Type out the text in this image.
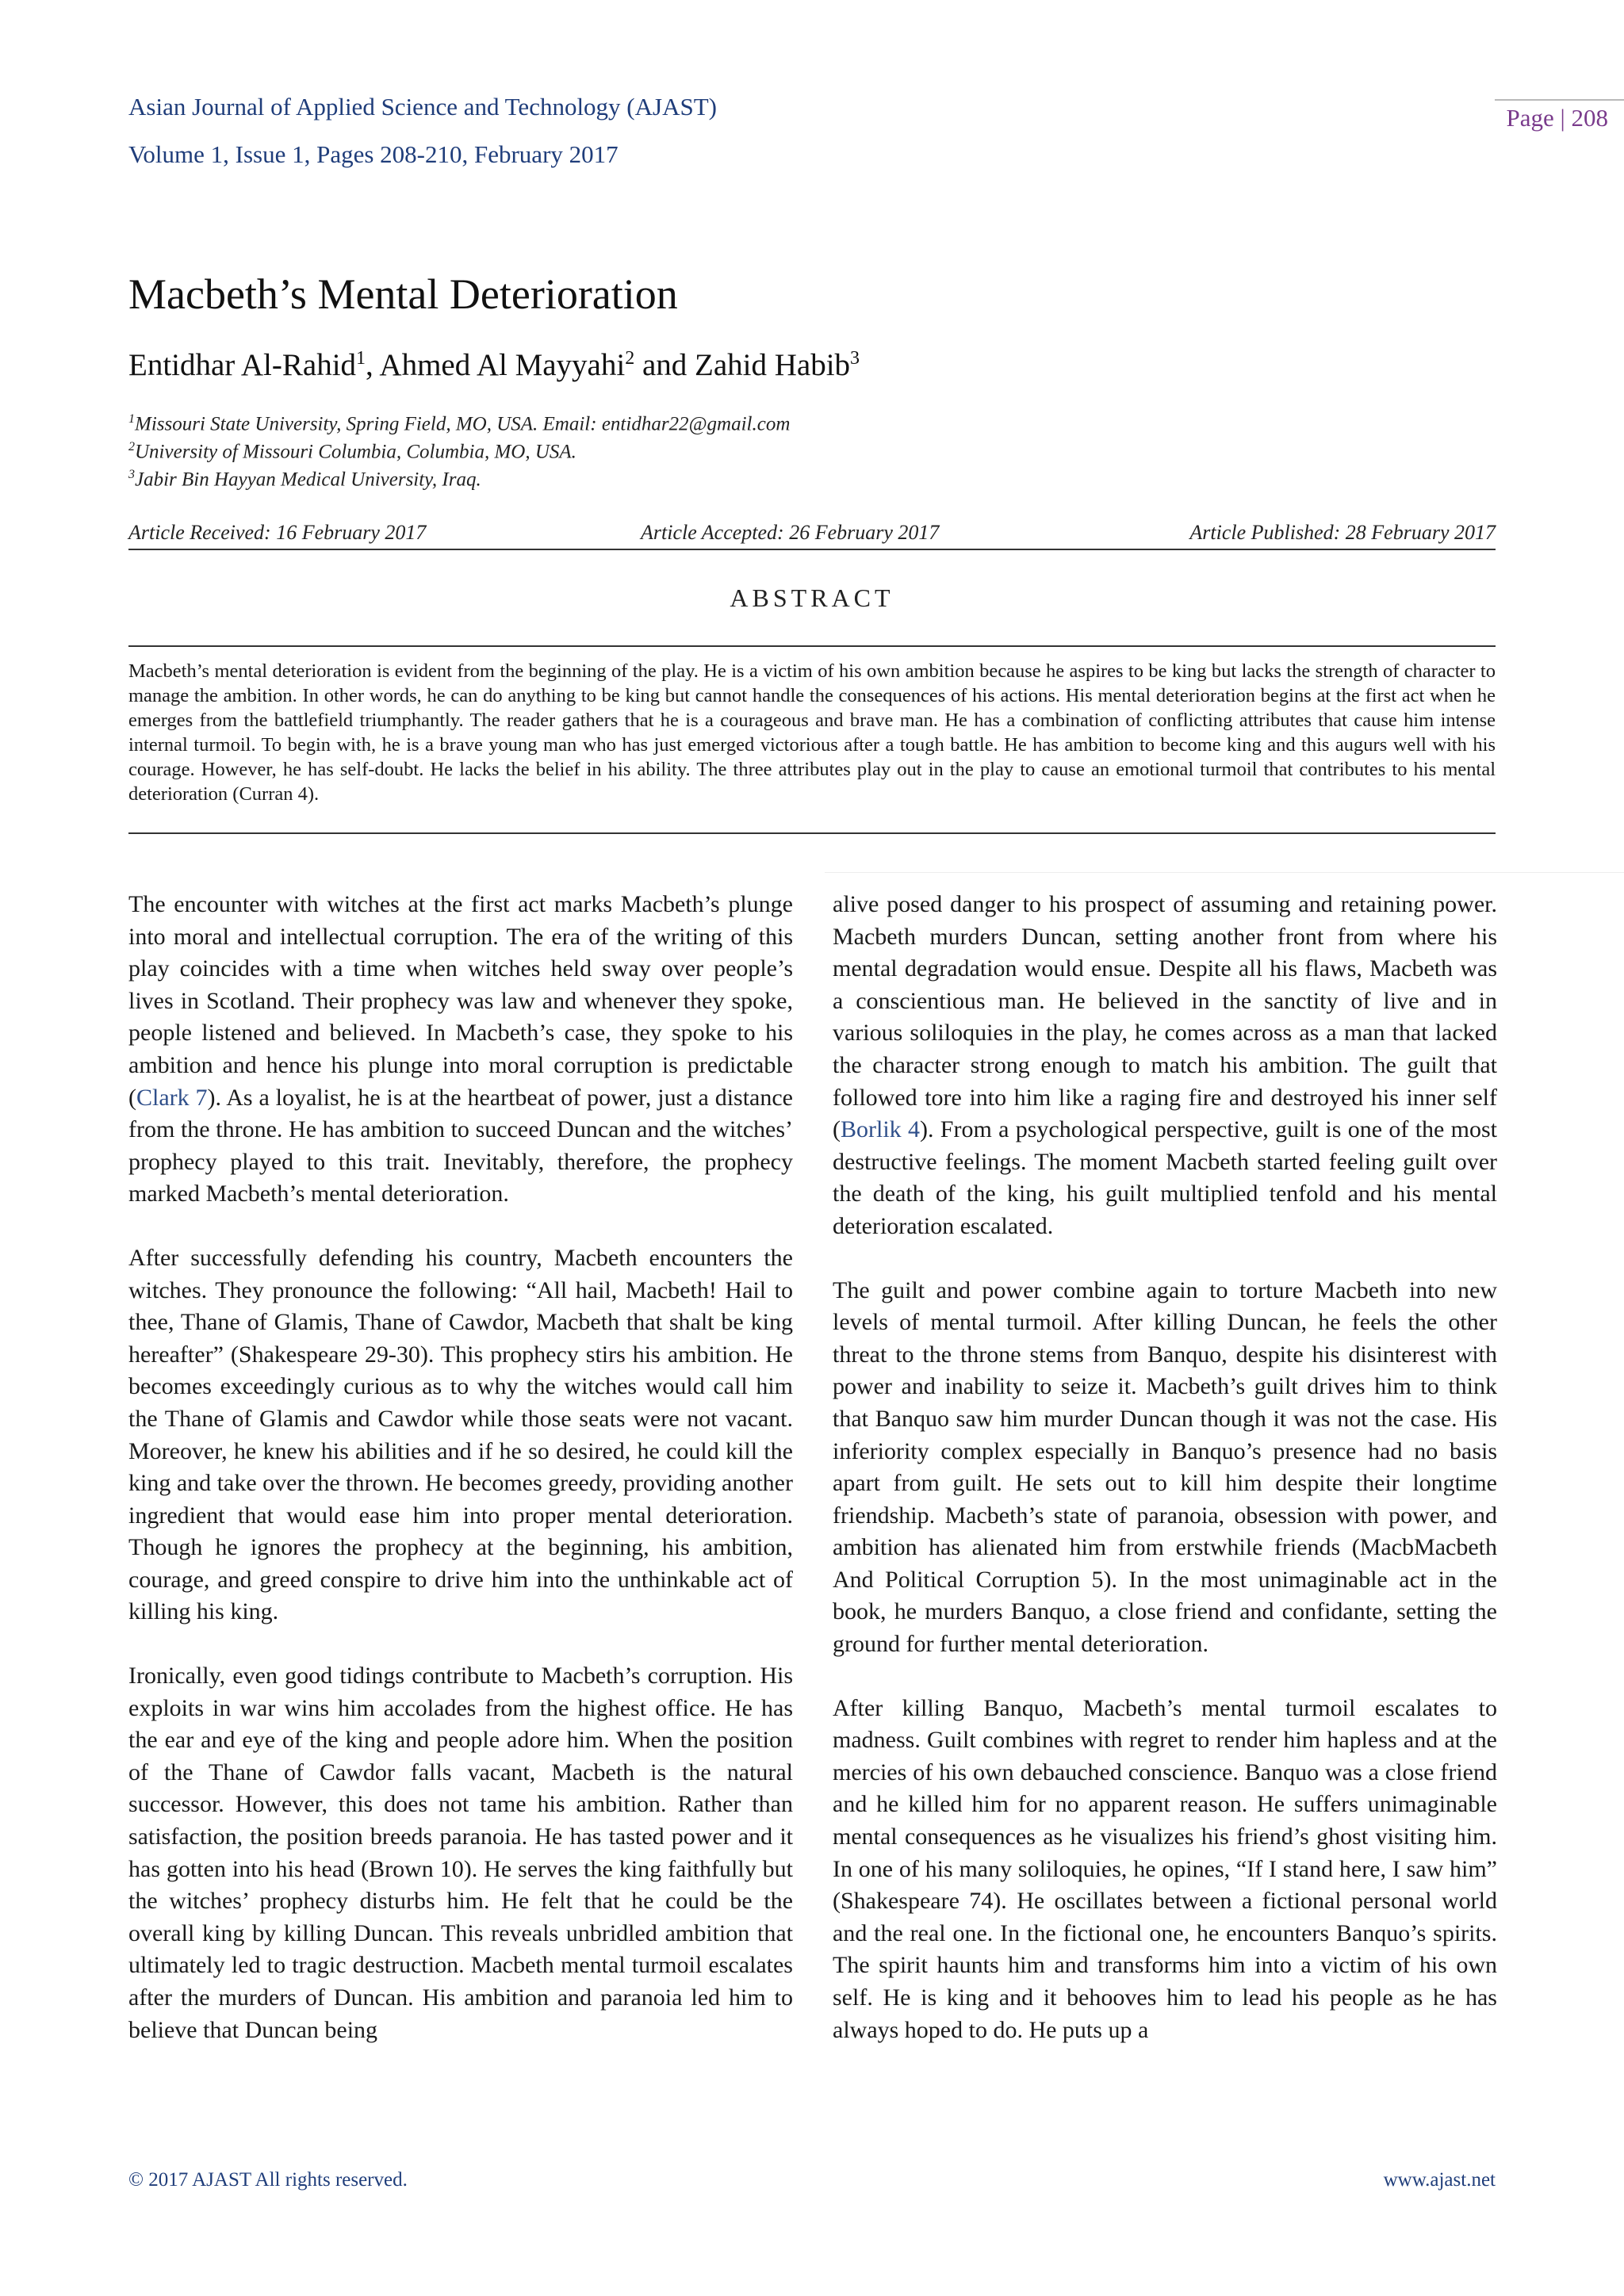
Asian Journal of Applied Science and Technology (AJAST)
Volume 1, Issue 1, Pages 208-210, February 2017
Page | 208
Macbeth’s Mental Deterioration
Entidhar Al-Rahid$^1$, Ahmed Al Mayyahi$^2$ and Zahid Habib$^3$
$^1$Missouri State University, Spring Field, MO, USA. Email: entidhar22@gmail.com
$^2$University of Missouri Columbia, Columbia, MO, USA.
$^3$Jabir Bin Hayyan Medical University, Iraq.
Article Received: 16 February 2017	Article Accepted: 26 February 2017	Article Published: 28 February 2017
ABSTRACT
Macbeth’s mental deterioration is evident from the beginning of the play. He is a victim of his own ambition because he aspires to be king but lacks the strength of character to manage the ambition. In other words, he can do anything to be king but cannot handle the consequences of his actions. His mental deterioration begins at the first act when he emerges from the battlefield triumphantly. The reader gathers that he is a courageous and brave man. He has a combination of conflicting attributes that cause him intense internal turmoil. To begin with, he is a brave young man who has just emerged victorious after a tough battle. He has ambition to become king and this augurs well with his courage. However, he has self-doubt. He lacks the belief in his ability. The three attributes play out in the play to cause an emotional turmoil that contributes to his mental deterioration (Curran 4).

The encounter with witches at the first act marks Macbeth’s plunge into moral and intellectual corruption. The era of the writing of this play coincides with a time when witches held sway over people’s lives in Scotland. Their prophecy was law and whenever they spoke, people listened and believed. In Macbeth’s case, they spoke to his ambition and hence his plunge into moral corruption is predictable (Clark 7). As a loyalist, he is at the heartbeat of power, just a distance from the throne. He has ambition to succeed Duncan and the witches’ prophecy played to this trait. Inevitably, therefore, the prophecy marked Macbeth’s mental deterioration.

After successfully defending his country, Macbeth encounters the witches. They pronounce the following: “All hail, Macbeth! Hail to thee, Thane of Glamis, Thane of Cawdor, Macbeth that shalt be king hereafter” (Shakespeare 29-30). This prophecy stirs his ambition. He becomes exceedingly curious as to why the witches would call him the Thane of Glamis and Cawdor while those seats were not vacant. Moreover, he knew his abilities and if he so desired, he could kill the king and take over the thrown. He becomes greedy, providing another ingredient that would ease him into proper mental deterioration. Though he ignores the prophecy at the beginning, his ambition, courage, and greed conspire to drive him into the unthinkable act of killing his king.

Ironically, even good tidings contribute to Macbeth’s corruption. His exploits in war wins him accolades from the highest office. He has the ear and eye of the king and people adore him. When the position of the Thane of Cawdor falls vacant, Macbeth is the natural successor. However, this does not tame his ambition. Rather than satisfaction, the position breeds paranoia. He has tasted power and it has gotten into his head (Brown 10). He serves the king faithfully but the witches’ prophecy disturbs him. He felt that he could be the overall king by killing Duncan. This reveals unbridled ambition that ultimately led to tragic destruction. Macbeth mental turmoil escalates after the murders of Duncan. His ambition and paranoia led him to believe that Duncan being

alive posed danger to his prospect of assuming and retaining power. Macbeth murders Duncan, setting another front from where his mental degradation would ensue. Despite all his flaws, Macbeth was a conscientious man. He believed in the sanctity of live and in various soliloquies in the play, he comes across as a man that lacked the character strong enough to match his ambition. The guilt that followed tore into him like a raging fire and destroyed his inner self (Borlik 4). From a psychological perspective, guilt is one of the most destructive feelings. The moment Macbeth started feeling guilt over the death of the king, his guilt multiplied tenfold and his mental deterioration escalated.

The guilt and power combine again to torture Macbeth into new levels of mental turmoil. After killing Duncan, he feels the other threat to the throne stems from Banquo, despite his disinterest with power and inability to seize it. Macbeth’s guilt drives him to think that Banquo saw him murder Duncan though it was not the case. His inferiority complex especially in Banquo’s presence had no basis apart from guilt. He sets out to kill him despite their longtime friendship. Macbeth’s state of paranoia, obsession with power, and ambition has alienated him from erstwhile friends (MacbMacbeth And Political Corruption 5). In the most unimaginable act in the book, he murders Banquo, a close friend and confidante, setting the ground for further mental deterioration.

After killing Banquo, Macbeth’s mental turmoil escalates to madness. Guilt combines with regret to render him hapless and at the mercies of his own debauched conscience. Banquo was a close friend and he killed him for no apparent reason. He suffers unimaginable mental consequences as he visualizes his friend’s ghost visiting him. In one of his many soliloquies, he opines, “If I stand here, I saw him” (Shakespeare 74). He oscillates between a fictional personal world and the real one. In the fictional one, he encounters Banquo’s spirits. The spirit haunts him and transforms him into a victim of his own self. He is king and it behooves him to lead his people as he has always hoped to do. He puts up a

© 2017 AJAST All rights reserved.	www.ajast.net
